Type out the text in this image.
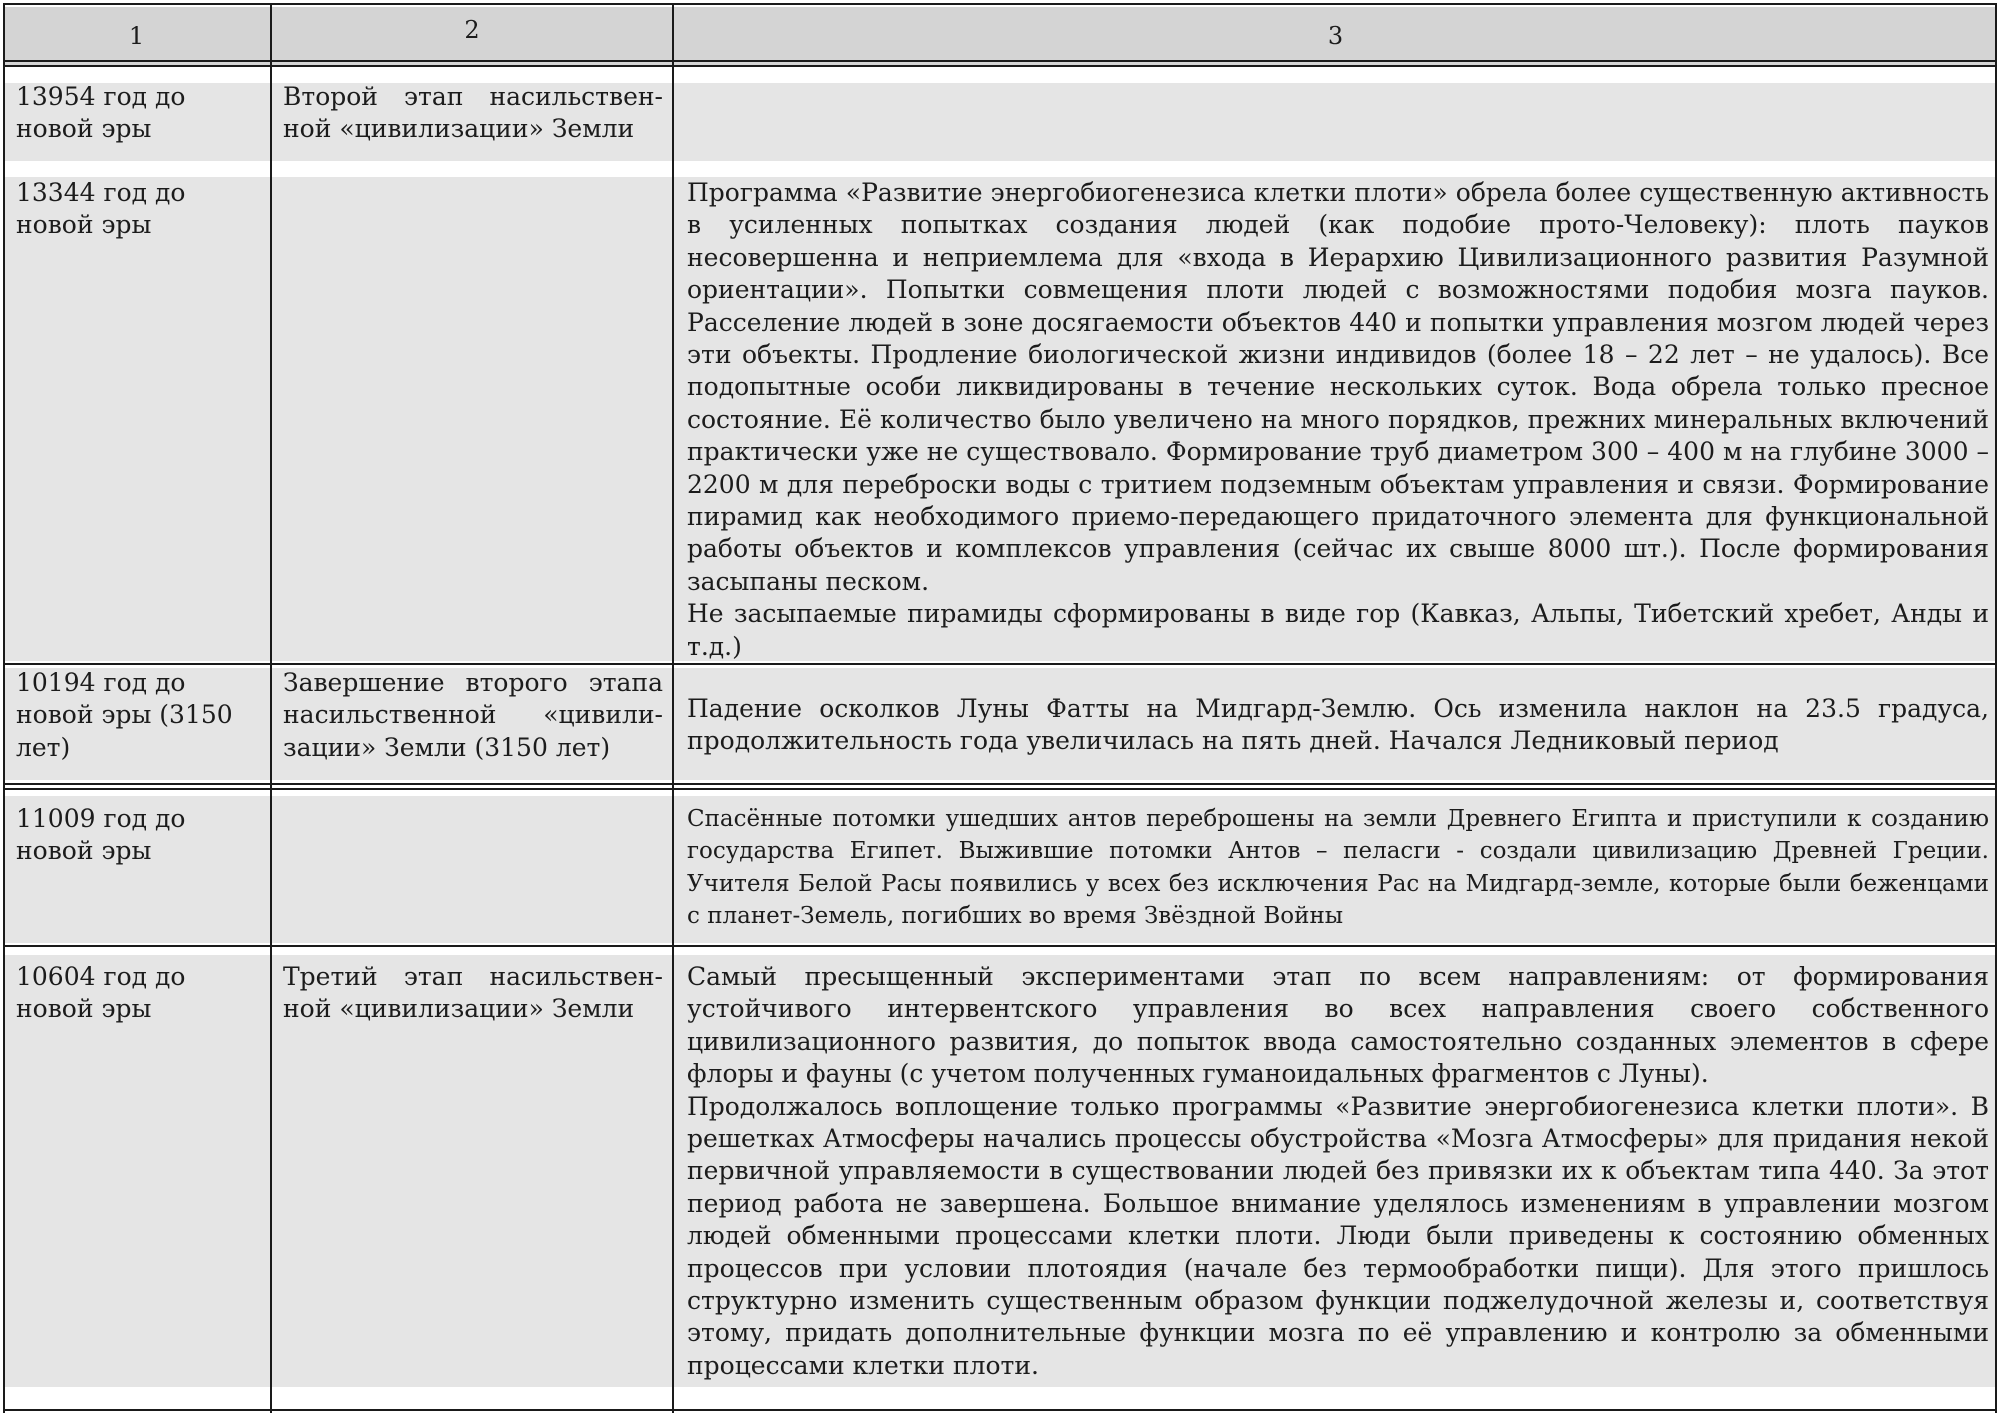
1	2	3
13954 год до новой эры
Второй этап насильственной «цивилизации» Земли
13344 год до новой эры
Программа «Развитие энергобиогенезиса клетки плоти» обрела более существенную активность в усиленных попытках создания людей (как подобие прото-Человеку): плоть пауков несовершенна и неприемлема для «входа в Иерархию Цивилизационного развития Разумной ориентации». Попытки совмещения плоти людей с возможностями подобия мозга пауков. Расселение людей в зоне досягаемости объектов 440 и попытки управления мозгом людей через эти объекты. Продление биологической жизни индивидов (более 18 – 22 лет – не удалось). Все подопытные особи ликвидированы в течение нескольких суток. Вода обрела только пресное состояние. Её количество было увеличено на много порядков, прежних минеральных включений практически уже не существовало. Формирование труб диаметром 300 – 400 м на глубине 3000 – 2200 м для переброски воды с тритием подземным объектам управления и связи. Формирование пирамид как необходимого приемо-передающего придаточного элемента для функциональной работы объектов и комплексов управления (сейчас их свыше 8000 шт.). После формирования засыпаны песком.
Не засыпаемые пирамиды сформированы в виде гор (Кавказ, Альпы, Тибетский хребет, Анды и т.д.)
10194 год до новой эры (3150 лет)
Завершение второго этапа насильственной «цивилизации» Земли (3150 лет)
Падение осколков Луны Фатты на Мидгард-Землю. Ось изменила наклон на 23.5 градуса, продолжительность года увеличилась на пять дней. Начался Ледниковый период
11009 год до новой эры
Спасённые потомки ушедших антов переброшены на земли Древнего Египта и приступили к созданию государства Египет. Выжившие потомки Антов – пеласги - создали цивилизацию Древней Греции. Учителя Белой Расы появились у всех без исключения Рас на Мидгард-земле, которые были беженцами с планет-Земель, погибших во время Звёздной Войны
10604 год до новой эры
Третий этап насильственной «цивилизации» Земли
Самый пресыщенный экспериментами этап по всем направлениям: от формирования устойчивого интервентского управления во всех направления своего собственного цивилизационного развития, до попыток ввода самостоятельно созданных элементов в сфере флоры и фауны (с учетом полученных гуманоидальных фрагментов с Луны).
Продолжалось воплощение только программы «Развитие энергобиогенезиса клетки плоти». В решетках Атмосферы начались процессы обустройства «Мозга Атмосферы» для придания некой первичной управляемости в существовании людей без привязки их к объектам типа 440. За этот период работа не завершена. Большое внимание уделялось изменениям в управлении мозгом людей обменными процессами клетки плоти. Люди были приведены к состоянию обменных процессов при условии плотоядия (начале без термообработки пищи). Для этого пришлось структурно изменить существенным образом функции поджелудочной железы и, соответствуя этому, придать дополнительные функции мозга по её управлению и контролю за обменными процессами клетки плоти.
